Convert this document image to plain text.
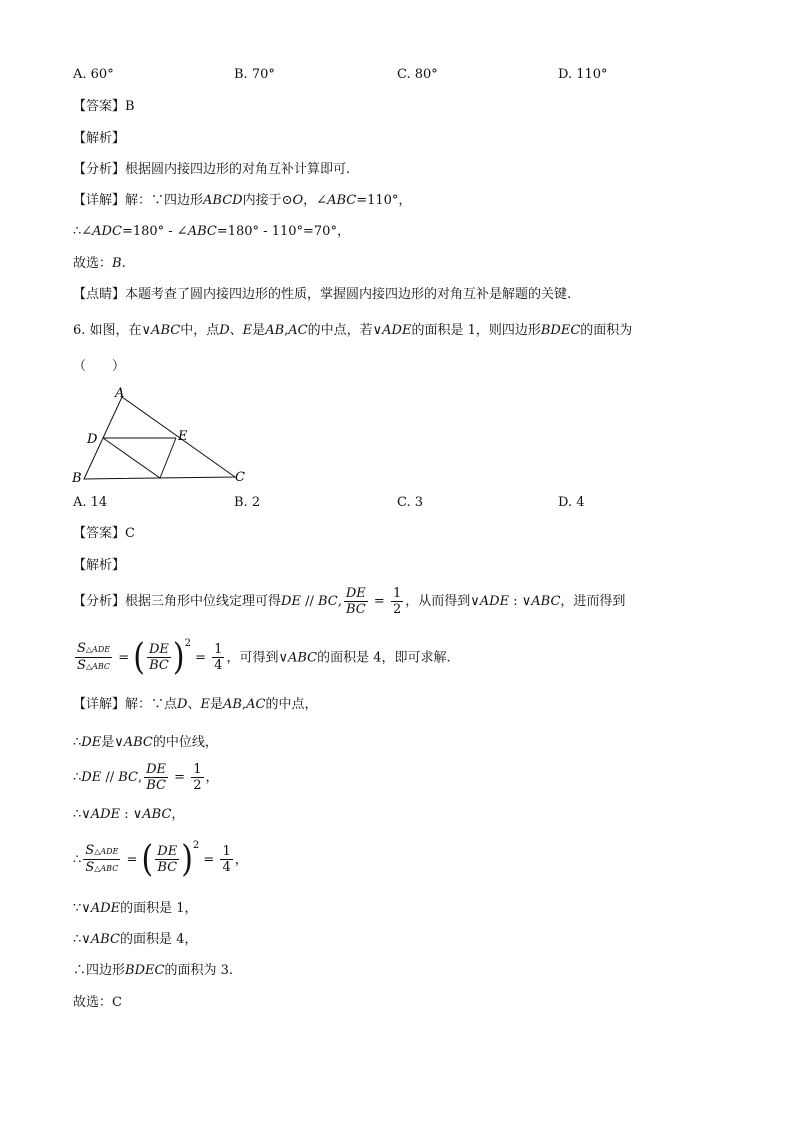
A. 60°	B. 70°	C. 80°	D. 110°
【答案】B
【解析】
【分析】根据圆内接四边形的对角互补计算即可.
【详解】解：∵四边形ABCD内接于⊙O，∠ABC=110°，
∴∠ADC=180° - ∠ABC=180° - 110°=70°，
故选：B.
【点睛】本题考查了圆内接四边形的性质，掌握圆内接四边形的对角互补是解题的关键.
6. 如图，在∨ABC中，点D、E是AB,AC的中点，若∨ADE的面积是 1，则四边形BDEC的面积为
（　　）
A
D	E
B	C
A. 14	B. 2	C. 3	D. 4
【答案】C
【解析】
【分析】根据三角形中位线定理可得DE // BC, $\frac{DE}{BC} = \frac{1}{2}$ ，从而得到∨ADE : ∨ABC，进而得到
$\frac{\text{S△ADE}}{\text{S△ABC}}$ = ( $\frac{DE}{BC} )^2 = \frac{1}{4}$ ，可得到∨ABC的面积是 4，即可求解.
【详解】解：∵点D、E是AB,AC的中点，
∴DE是∨ABC的中位线，
∴DE // BC, $\frac{DE}{BC} = \frac{1}{2}$ ，
∴∨ADE : ∨ABC，
∴ $\frac{\text{S△ADE}}{\text{S△ABC}}$ = ( $\frac{DE}{BC} )^2 = \frac{1}{4}$ ，
∵∨ADE的面积是 1，
∴∨ABC的面积是 4，
∴四边形BDEC的面积为 3.
故选：C
